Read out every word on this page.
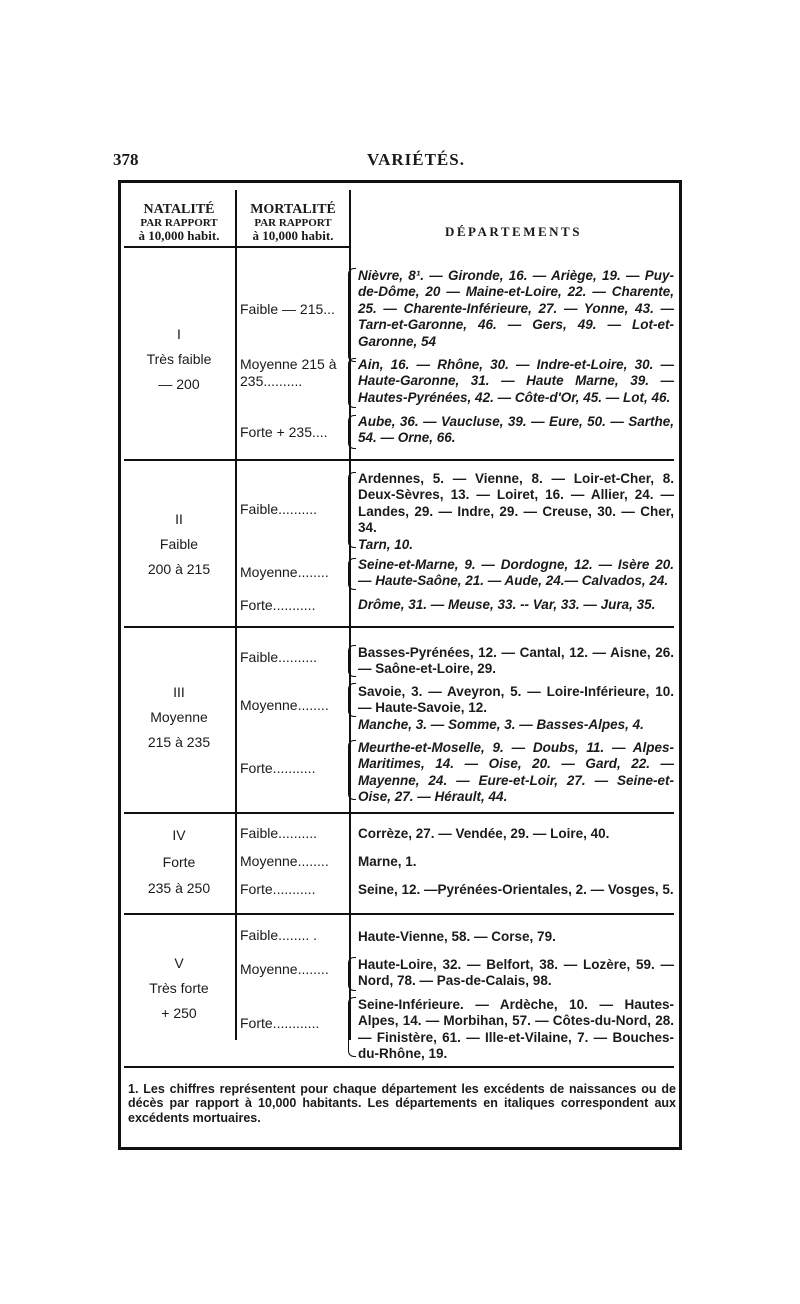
378	VARIÉTÉS.
NATALITÉ
PAR RAPPORT
à 10,000 habit.
MORTALITÉ
PAR RAPPORT
à 10,000 habit.	DÉPARTEMENTS
I
Très faible
— 200
Faible — 215...
Moyenne 215 à 235..........
Forte + 235....
Nièvre, 8¹. — Gironde, 16. — Ariège, 19. — Puy-de-Dôme, 20 — Maine-et-Loire, 22. — Charente, 25. — Charente-Inférieure, 27. — Yonne, 43. — Tarn-et-Garonne, 46. — Gers, 49. — Lot-et-Garonne, 54
Ain, 16. — Rhône, 30. — Indre-et-Loire, 30. — Haute-Garonne, 31. — Haute Marne, 39. — Hautes-Pyrénées, 42. — Côte-d'Or, 45. — Lot, 46.
Aube, 36. — Vaucluse, 39. — Eure, 50. — Sarthe, 54. — Orne, 66.
II
Faible
200 à 215
Faible..........
Moyenne........
Forte...........
Ardennes, 5. — Vienne, 8. — Loir-et-Cher, 8. Deux-Sèvres, 13. — Loiret, 16. — Allier, 24. — Landes, 29. — Indre, 29. — Creuse, 30. — Cher, 34.
Tarn, 10.
Seine-et-Marne, 9. — Dordogne, 12. — Isère 20. — Haute-Saône, 21. — Aude, 24.— Calvados, 24.
Drôme, 31. — Meuse, 33. -- Var, 33. — Jura, 35.
III
Moyenne
215 à 235
Faible..........
Moyenne........
Forte...........
Basses-Pyrénées, 12. — Cantal, 12. — Aisne, 26. — Saône-et-Loire, 29.
Savoie, 3. — Aveyron, 5. — Loire-Inférieure, 10. — Haute-Savoie, 12.
Manche, 3. — Somme, 3. — Basses-Alpes, 4.
Meurthe-et-Moselle, 9. — Doubs, 11. — Alpes-Maritimes, 14. — Oise, 20. — Gard, 22. — Mayenne, 24. — Eure-et-Loir, 27. — Seine-et-Oise, 27. — Hérault, 44.
IV
Forte
235 à 250
Faible..........
Moyenne........
Forte...........
Corrèze, 27. — Vendée, 29. — Loire, 40.
Marne, 1.
Seine, 12. —Pyrénées-Orientales, 2. — Vosges, 5.
V
Très forte
+ 250
Faible........ .
Moyenne........
Forte............
Haute-Vienne, 58. — Corse, 79.
Haute-Loire, 32. — Belfort, 38. — Lozère, 59. — Nord, 78. — Pas-de-Calais, 98.
Seine-Inférieure. — Ardèche, 10. — Hautes-Alpes, 14. — Morbihan, 57. — Côtes-du-Nord, 28. — Finistère, 61. — Ille-et-Vilaine, 7. — Bouches-du-Rhône, 19.
1. Les chiffres représentent pour chaque département les excédents de naissances ou de décès par rapport à 10,000 habitants. Les départements en italiques correspondent aux excédents mortuaires.
